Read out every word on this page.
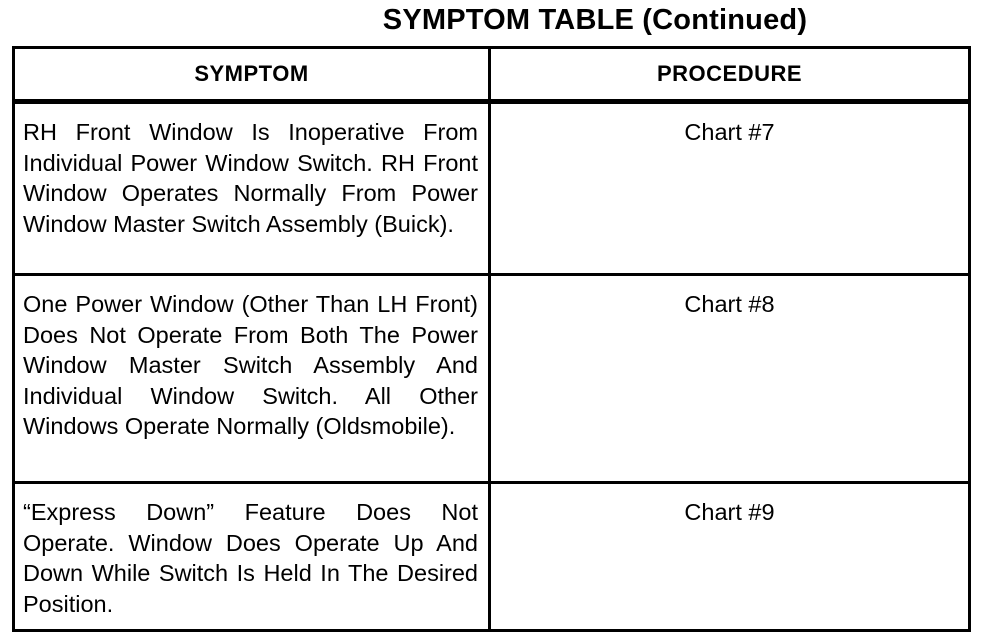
SYMPTOM TABLE (Continued)
SYMPTOM	PROCEDURE
RH Front Window Is Inoperative From Individual Power Window Switch. RH Front Window Operates Normally From Power Window Master Switch Assembly (Buick).	Chart #7
One Power Window (Other Than LH Front) Does Not Operate From Both The Power Window Master Switch Assembly And Individual Window Switch. All Other Windows Operate Normally (Oldsmobile).	Chart #8
“Express Down” Feature Does Not Operate. Window Does Operate Up And Down While Switch Is Held In The Desired Position.	Chart #9
